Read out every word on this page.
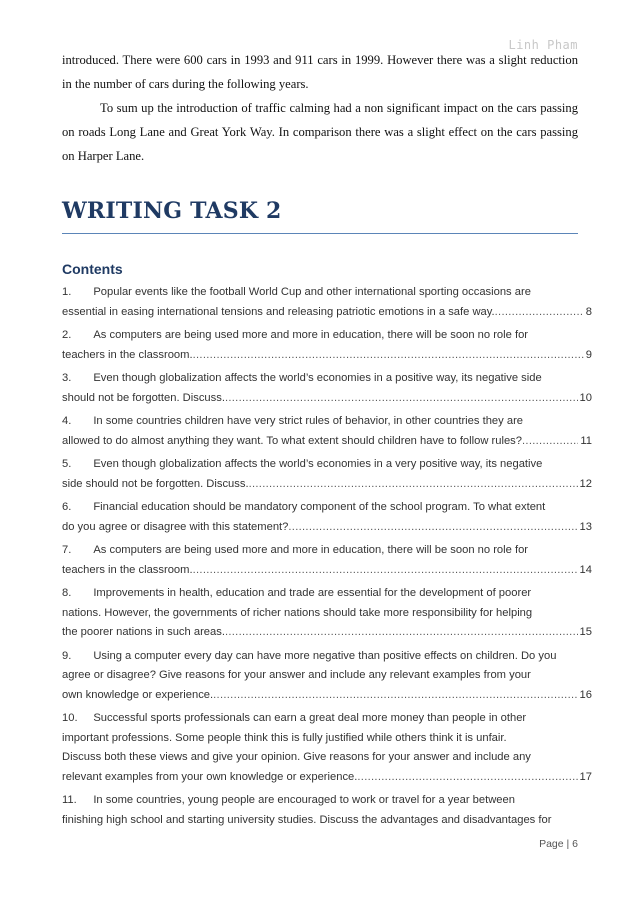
Linh Pham

introduced. There were 600 cars in 1993 and 911 cars in 1999. However there was a slight reduction in the number of cars during the following years.

To sum up the introduction of traffic calming had a non significant impact on the cars passing on roads Long Lane and Great York Way. In comparison there was a slight effect on the cars passing on Harper Lane.

WRITING TASK 2
Contents
1.   Popular events like the football World Cup and other international sporting occasions are
essential in easing international tensions and releasing patriotic emotions in a safe way. .....	8
2.   As computers are being used more and more in education, there will be soon no role for
teachers in the classroom. .....	9
3.   Even though globalization affects the world’s economies in a positive way, its negative side
should not be forgotten. Discuss. .....	10
4.   In some countries children have very strict rules of behavior, in other countries they are
allowed to do almost anything they want. To what extent should children have to follow rules? .....	11
5.   Even though globalization affects the world’s economies in a very positive way, its negative
side should not be forgotten. Discuss. .....	12
6.   Financial education should be mandatory component of the school program. To what extent
do you agree or disagree with this statement? .....	13
7.   As computers are being used more and more in education, there will be soon no role for
teachers in the classroom. .....	14
8.   Improvements in health, education and trade are essential for the development of poorer
nations. However, the governments of richer nations should take more responsibility for helping
the poorer nations in such areas. .....	15
9.   Using a computer every day can have more negative than positive effects on children. Do you
agree or disagree? Give reasons for your answer and include any relevant examples from your
own knowledge or experience. .....	16
10.   Successful sports professionals can earn a great deal more money than people in other
important professions. Some people think this is fully justified while others think it is unfair.
Discuss both these views and give your opinion. Give reasons for your answer and include any
relevant examples from your own knowledge or experience. .....	17
11.   In some countries, young people are encouraged to work or travel for a year between
finishing high school and starting university studies. Discuss the advantages and disadvantages for
Page | 6
